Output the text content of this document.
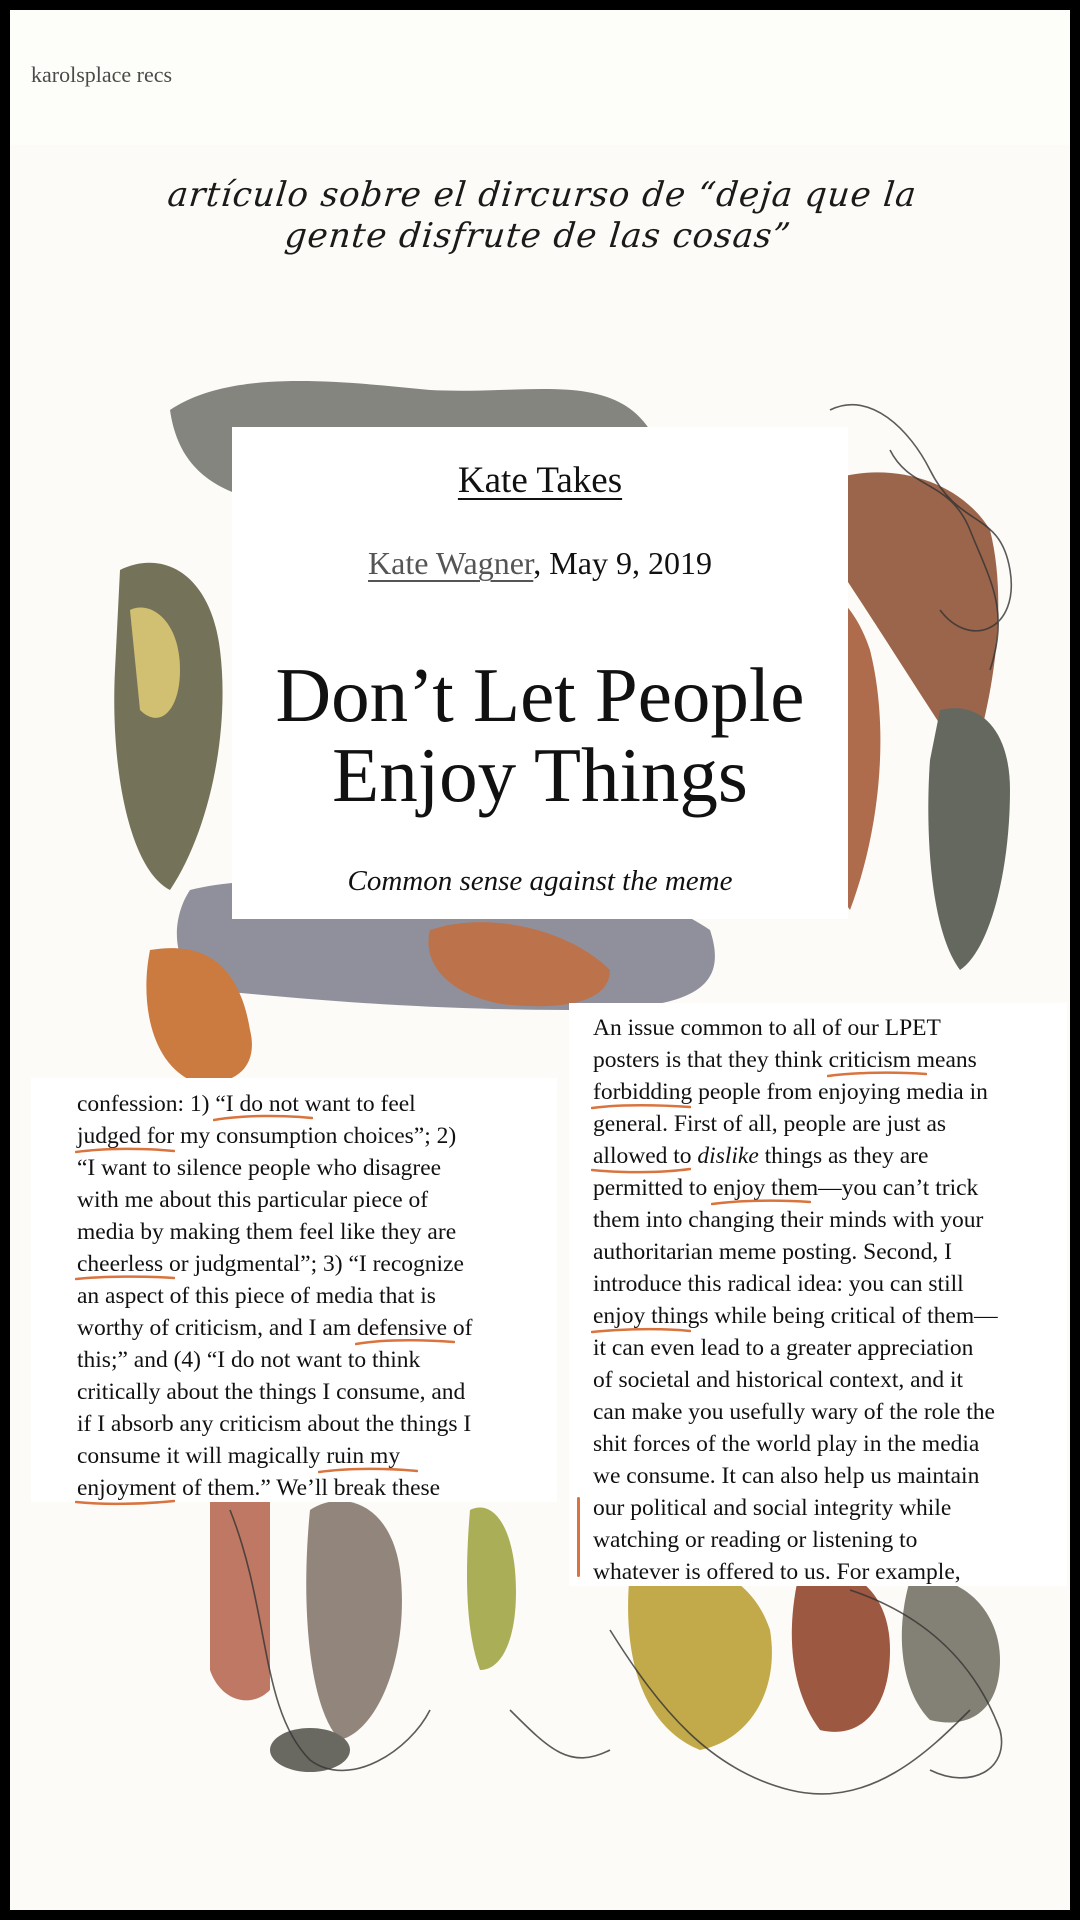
karolsplace recs
artículo sobre el dircurso de “deja que la
gente disfrute de las cosas”
Kate Takes
Kate Wagner, May 9, 2019
Don’t Let People
Enjoy Things
Common sense against the meme
confession: 1) “I do not want to feel
judged
for my consumption choices”; 2)
“I want to silence people who disagree
with me about this particular piece of
media by making them feel like they are
cheerless or judgmental
”; 3) “I recognize
an aspect of this piece of media that is
worthy of criticism, and I am defensive
of
this;” and (4) “I do not want to think
critically about the things I consume, and
if I absorb any criticism about the things I
consume it will magically ruin my
enjoyment
of them.” We’ll break these
An issue common to all of our LPET
posters is that they think criticism means
forbidding people from enjoying
media in
general. First of all, people are just as
allowed
to dislike things as they are
permitted to enjoy them
—you can’t trick
them into changing their minds with your
authoritarian meme posting. Second, I
introduce this radical idea: you can still
enjoy things while being critical of them
—
it can even lead to a greater appreciation
of societal and historical context, and it
can make you usefully wary of the role the
shit forces of the world play in the media
we consume. It can also help us maintain
our political and social integrity while
watching or reading or listening to
whatever is offered to us. For example,
